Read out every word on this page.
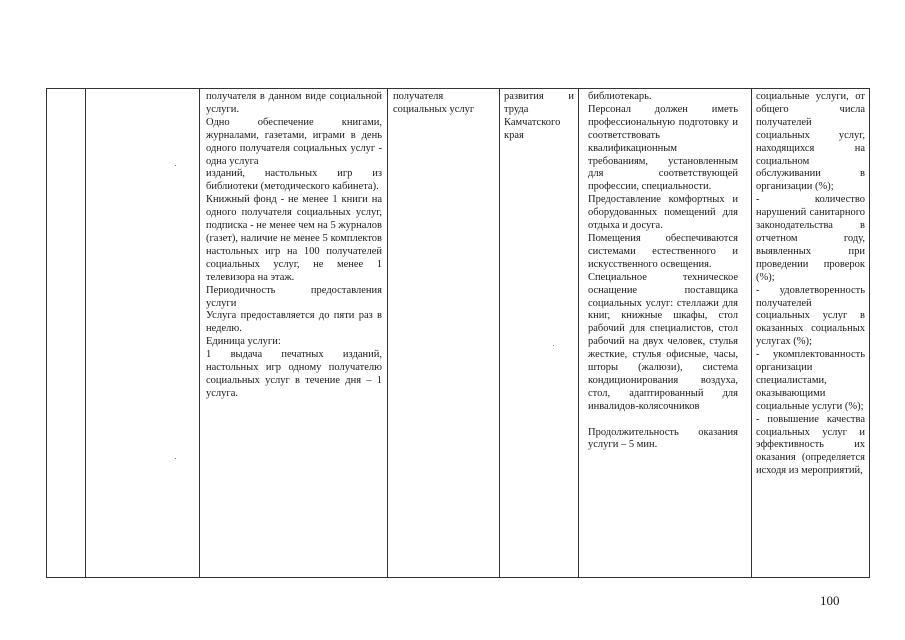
получателя в данном виде социальной услуги.
Одно обеспечение книгами, журналами, газетами, играми в день одного получателя социальных услуг - одна услуга
изданий, настольных игр из библиотеки (методического кабинета).
Книжный фонд - не менее 1 книги на одного получателя социальных услуг, подписка - не менее чем на 5 журналов (газет), наличие не менее 5 комплектов настольных игр на 100 получателей социальных услуг, не менее 1 телевизора на этаж.
Периодичность предоставления услуги
Услуга предоставляется до пяти раз в неделю.
Единица услуги:
1 выдача печатных изданий, настольных игр одному получателю социальных услуг в течение дня – 1 услуга.
получателя социальных услуг
развития и труда Камчатского края
библиотекарь.
Персонал должен иметь профессиональную подготовку и соответствовать квалификационным требованиям, установленным для соответствующей профессии, специальности.
Предоставление комфортных и оборудованных помещений для отдыха и досуга.
Помещения обеспечиваются системами естественного и искусственного освещения.
Специальное техническое оснащение поставщика социальных услуг: стеллажи для книг, книжные шкафы, стол рабочий для специалистов, стол рабочий на двух человек, стулья жесткие, стулья офисные, часы, шторы (жалюзи), система кондиционирования воздуха, стол, адаптированный для инвалидов-колясочников

Продолжительность оказания услуги – 5 мин.
социальные услуги, от общего числа получателей социальных услуг, находящихся на социальном обслуживании в организации (%);
- количество нарушений санитарного законодательства в отчетном году, выявленных при проведении проверок (%);
- удовлетворенность получателей социальных услуг в оказанных социальных услугах (%);
- укомплектованность организации специалистами, оказывающими социальные услуги (%);
- повышение качества социальных услуг и эффективность их оказания (определяется исходя из мероприятий,
100
